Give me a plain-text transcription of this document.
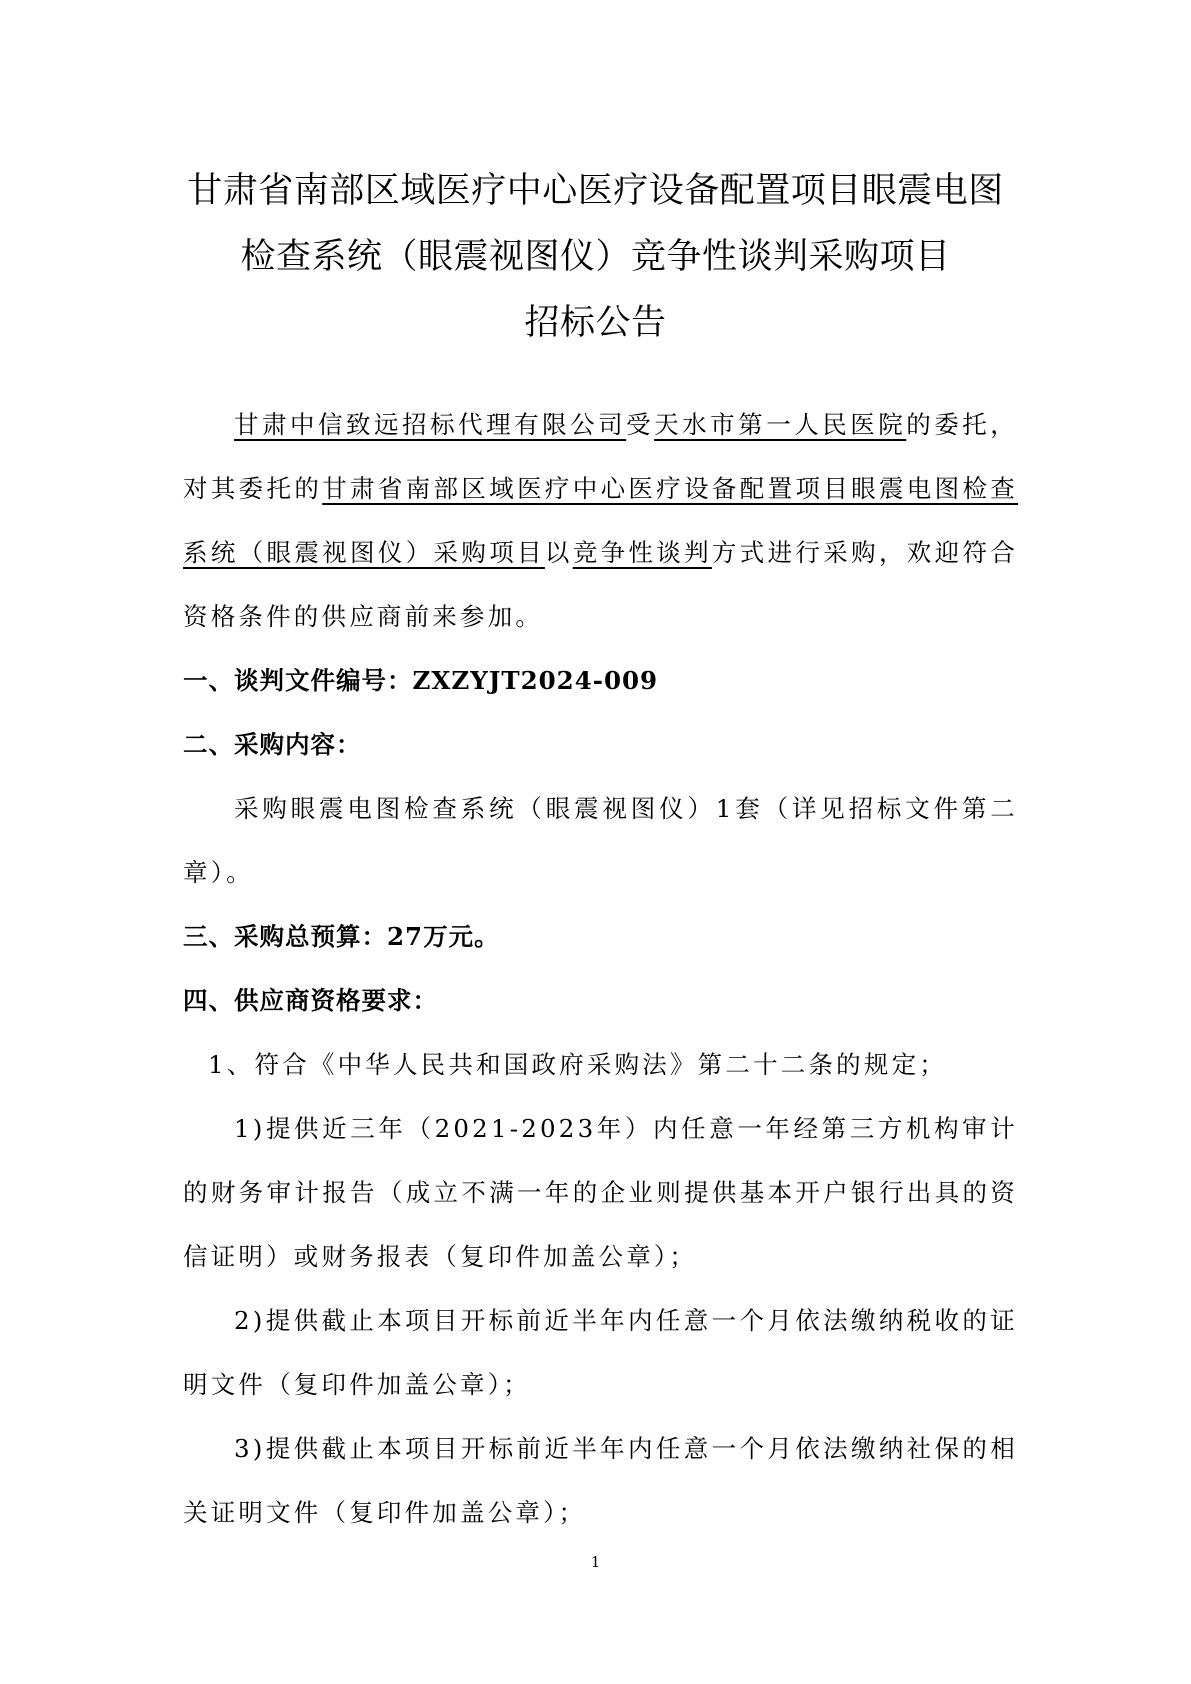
甘肃省南部区域医疗中心医疗设备配置项目眼震电图
检查系统（眼震视图仪）竞争性谈判采购项目
招标公告

甘肃中信致远招标代理有限公司受天水市第一人民医院的委托，对其委托的甘肃省南部区域医疗中心医疗设备配置项目眼震电图检查系统（眼震视图仪）采购项目以竞争性谈判方式进行采购，欢迎符合资格条件的供应商前来参加。

一、谈判文件编号：ZXZYJT2024-009

二、采购内容：

采购眼震电图检查系统（眼震视图仪）1套（详见招标文件第二章）。

三、采购总预算：27万元。

四、供应商资格要求：

1、符合《中华人民共和国政府采购法》第二十二条的规定；

1)提供近三年（2021-2023年）内任意一年经第三方机构审计的财务审计报告（成立不满一年的企业则提供基本开户银行出具的资信证明）或财务报表（复印件加盖公章）；

2)提供截止本项目开标前近半年内任意一个月依法缴纳税收的证明文件（复印件加盖公章）；

3)提供截止本项目开标前近半年内任意一个月依法缴纳社保的相关证明文件（复印件加盖公章）；

1
